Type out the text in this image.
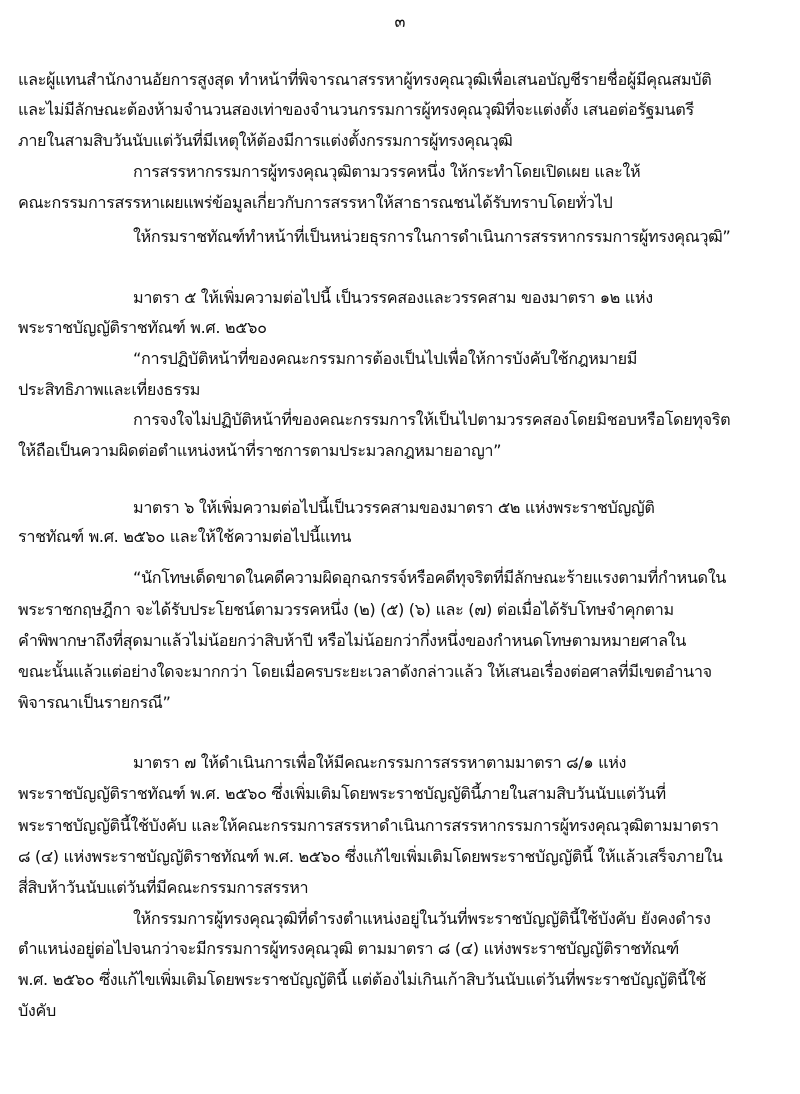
๓
และผู้แทนสำนักงานอัยการสูงสุด ทำหน้าที่พิจารณาสรรหาผู้ทรงคุณวุฒิเพื่อเสนอบัญชีรายชื่อผู้มีคุณสมบัติ
และไม่มีลักษณะต้องห้ามจำนวนสองเท่าของจำนวนกรรมการผู้ทรงคุณวุฒิที่จะแต่งตั้ง เสนอต่อรัฐมนตรี
ภายในสามสิบวันนับแต่วันที่มีเหตุให้ต้องมีการแต่งตั้งกรรมการผู้ทรงคุณวุฒิ
การสรรหากรรมการผู้ทรงคุณวุฒิตามวรรคหนึ่ง ให้กระทำโดยเปิดเผย และให้
คณะกรรมการสรรหาเผยแพร่ข้อมูลเกี่ยวกับการสรรหาให้สาธารณชนได้รับทราบโดยทั่วไป
ให้กรมราชทัณฑ์ทำหน้าที่เป็นหน่วยธุรการในการดำเนินการสรรหากรรมการผู้ทรงคุณวุฒิ”
มาตรา ๕ ให้เพิ่มความต่อไปนี้ เป็นวรรคสองและวรรคสาม ของมาตรา ๑๒ แห่ง
พระราชบัญญัติราชทัณฑ์ พ.ศ. ๒๕๖๐
“การปฏิบัติหน้าที่ของคณะกรรมการต้องเป็นไปเพื่อให้การบังคับใช้กฎหมายมี
ประสิทธิภาพและเที่ยงธรรม
การจงใจไม่ปฏิบัติหน้าที่ของคณะกรรมการให้เป็นไปตามวรรคสองโดยมิชอบหรือโดยทุจริต
ให้ถือเป็นความผิดต่อตำแหน่งหน้าที่ราชการตามประมวลกฎหมายอาญา”
มาตรา ๖ ให้เพิ่มความต่อไปนี้เป็นวรรคสามของมาตรา ๕๒ แห่งพระราชบัญญัติ
ราชทัณฑ์ พ.ศ. ๒๕๖๐ และให้ใช้ความต่อไปนี้แทน
“นักโทษเด็ดขาดในคดีความผิดอุกฉกรรจ์หรือคดีทุจริตที่มีลักษณะร้ายแรงตามที่กำหนดใน
พระราชกฤษฎีกา จะได้รับประโยชน์ตามวรรคหนึ่ง (๒) (๕) (๖) และ (๗) ต่อเมื่อได้รับโทษจำคุกตาม
คำพิพากษาถึงที่สุดมาแล้วไม่น้อยกว่าสิบห้าปี หรือไม่น้อยกว่ากึ่งหนึ่งของกำหนดโทษตามหมายศาลใน
ขณะนั้นแล้วแต่อย่างใดจะมากกว่า โดยเมื่อครบระยะเวลาดังกล่าวแล้ว ให้เสนอเรื่องต่อศาลที่มีเขตอำนาจ
พิจารณาเป็นรายกรณี”
มาตรา ๗ ให้ดำเนินการเพื่อให้มีคณะกรรมการสรรหาตามมาตรา ๘/๑ แห่ง
พระราชบัญญัติราชทัณฑ์ พ.ศ. ๒๕๖๐ ซึ่งเพิ่มเติมโดยพระราชบัญญัตินี้ภายในสามสิบวันนับแต่วันที่
พระราชบัญญัตินี้ใช้บังคับ และให้คณะกรรมการสรรหาดำเนินการสรรหากรรมการผู้ทรงคุณวุฒิตามมาตรา
๘ (๔) แห่งพระราชบัญญัติราชทัณฑ์ พ.ศ. ๒๕๖๐ ซึ่งแก้ไขเพิ่มเติมโดยพระราชบัญญัตินี้ ให้แล้วเสร็จภายใน
สี่สิบห้าวันนับแต่วันที่มีคณะกรรมการสรรหา
ให้กรรมการผู้ทรงคุณวุฒิที่ดำรงตำแหน่งอยู่ในวันที่พระราชบัญญัตินี้ใช้บังคับ ยังคงดำรง
ตำแหน่งอยู่ต่อไปจนกว่าจะมีกรรมการผู้ทรงคุณวุฒิ ตามมาตรา ๘ (๔) แห่งพระราชบัญญัติราชทัณฑ์
พ.ศ. ๒๕๖๐ ซึ่งแก้ไขเพิ่มเติมโดยพระราชบัญญัตินี้ แต่ต้องไม่เกินเก้าสิบวันนับแต่วันที่พระราชบัญญัตินี้ใช้
บังคับ
